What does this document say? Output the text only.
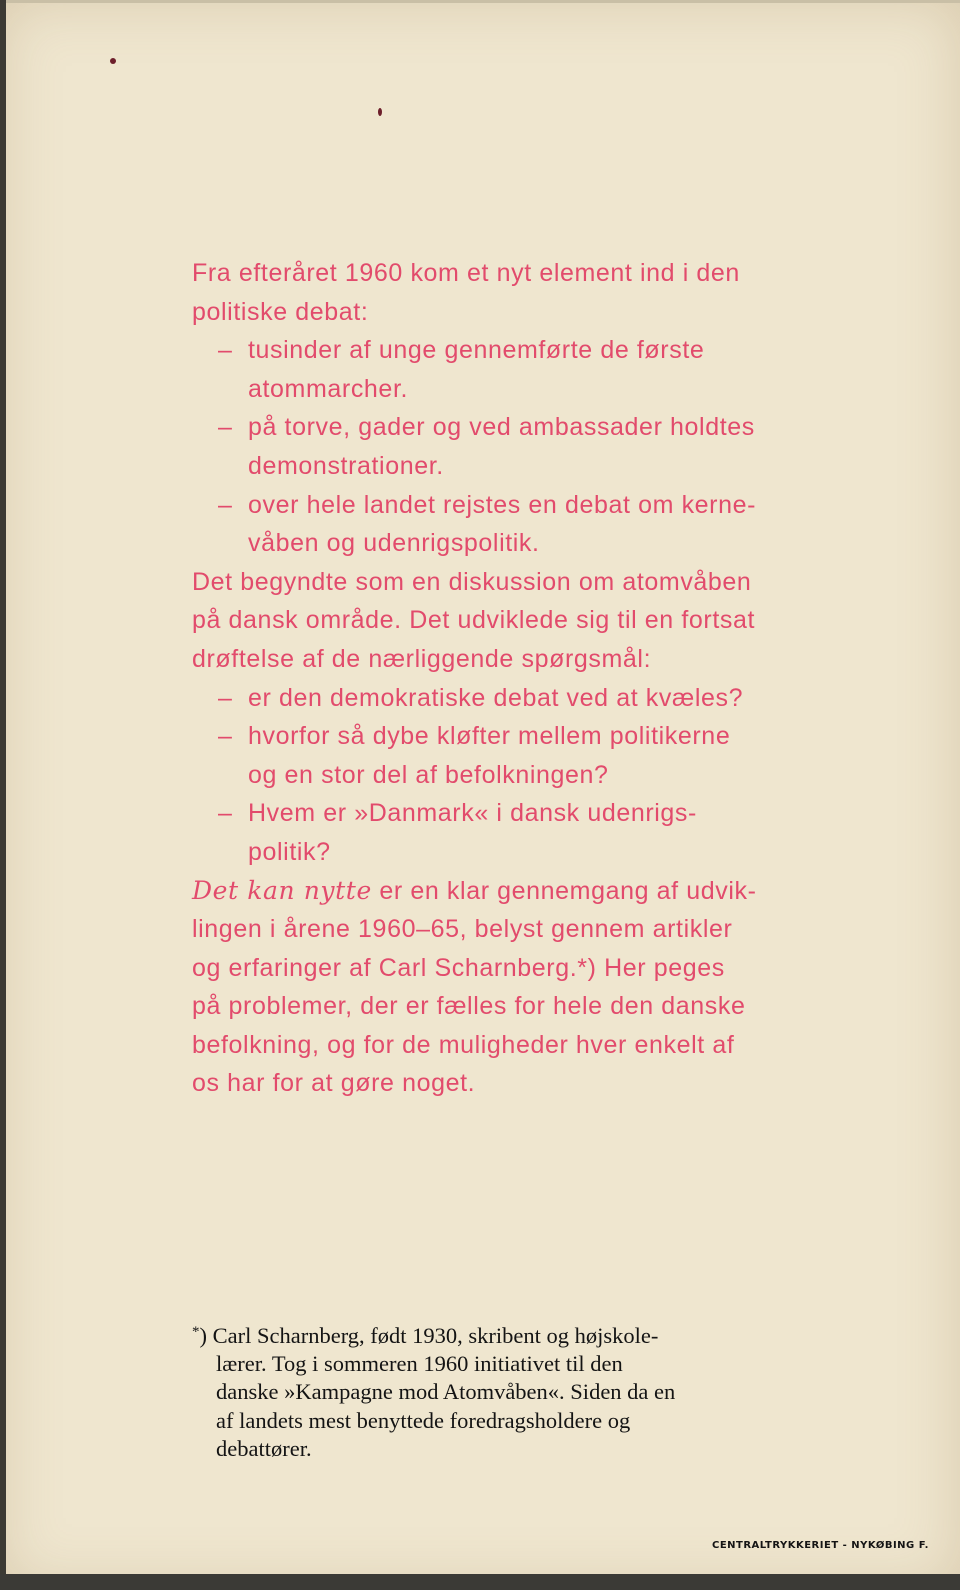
Fra efteråret 1960 kom et nyt element ind i den

politiske debat:

– tusinder af unge gennemførte de første

atommarcher.

– på torve, gader og ved ambassader holdtes

demonstrationer.

– over hele landet rejstes en debat om kerne-

våben og udenrigspolitik.

Det begyndte som en diskussion om atomvåben

på dansk område. Det udviklede sig til en fortsat

drøftelse af de nærliggende spørgsmål:

– er den demokratiske debat ved at kvæles?

– hvorfor så dybe kløfter mellem politikerne

og en stor del af befolkningen?

– Hvem er »Danmark« i dansk udenrigs-

politik?

Det kan nytte er en klar gennemgang af udvik-

lingen i årene 1960–65, belyst gennem artikler

og erfaringer af Carl Scharnberg.*) Her peges

på problemer, der er fælles for hele den danske

befolkning, og for de muligheder hver enkelt af

os har for at gøre noget.

*) Carl Scharnberg, født 1930, skribent og højskole-

lærer. Tog i sommeren 1960 initiativet til den

danske »Kampagne mod Atomvåben«. Siden da en

af landets mest benyttede foredragsholdere og

debattører.

CENTRALTRYKKERIET - NYKØBING F.
